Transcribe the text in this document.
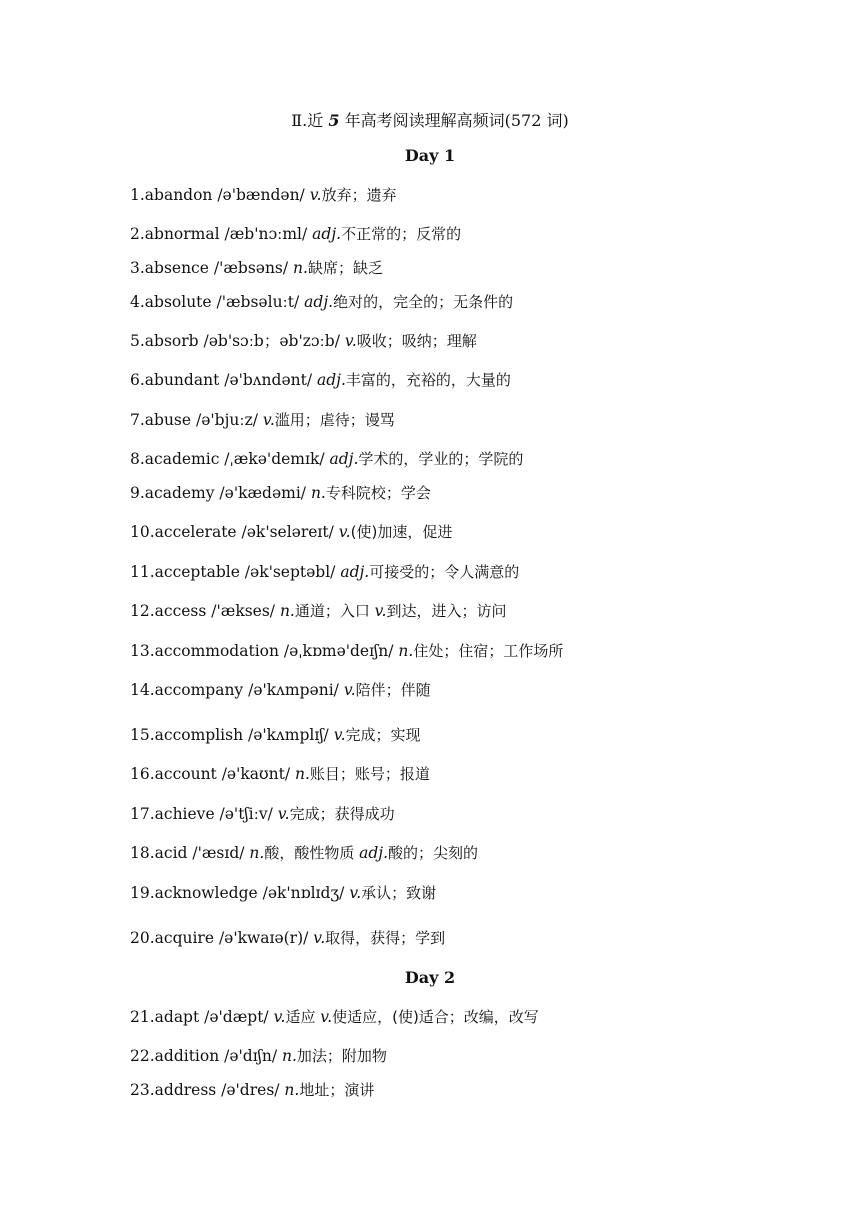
Ⅱ.近 5 年高考阅读理解高频词(572 词)
Day 1
Day 2
1.abandon /ə'bændən/ v.放弃；遗弃
2.abnormal /æb'nɔːml/ adj.不正常的；反常的
3.absence /'æbsəns/ n.缺席；缺乏
4.absolute /'æbsəluːt/ adj.绝对的，完全的；无条件的
5.absorb /əb'sɔːb；əb'zɔːb/ v.吸收；吸纳；理解
6.abundant /ə'bʌndənt/ adj.丰富的，充裕的，大量的
7.abuse /ə'bjuːz/ v.滥用；虐待；谩骂
8.academic /ˌækə'demɪk/ adj.学术的，学业的；学院的
9.academy /ə'kædəmi/ n.专科院校；学会
10.accelerate /ək'seləreɪt/ v.(使)加速，促进
11.acceptable /ək'septəbl/ adj.可接受的；令人满意的
12.access /'ækses/ n.通道；入口 v.到达，进入；访问
13.accommodation /əˌkɒmə'deɪʃn/ n.住处；住宿；工作场所
14.accompany /ə'kʌmpəni/ v.陪伴；伴随
15.accomplish /ə'kʌmplɪʃ/ v.完成；实现
16.account /ə'kaʊnt/ n.账目；账号；报道
17.achieve /ə'tʃiːv/ v.完成；获得成功
18.acid /'æsɪd/ n.酸，酸性物质 adj.酸的；尖刻的
19.acknowledge /ək'nɒlɪdʒ/ v.承认；致谢
20.acquire /ə'kwaɪə(r)/ v.取得，获得；学到
21.adapt /ə'dæpt/ v.适应 v.使适应，(使)适合；改编，改写
22.addition /ə'dɪʃn/ n.加法；附加物
23.address /ə'dres/ n.地址；演讲
